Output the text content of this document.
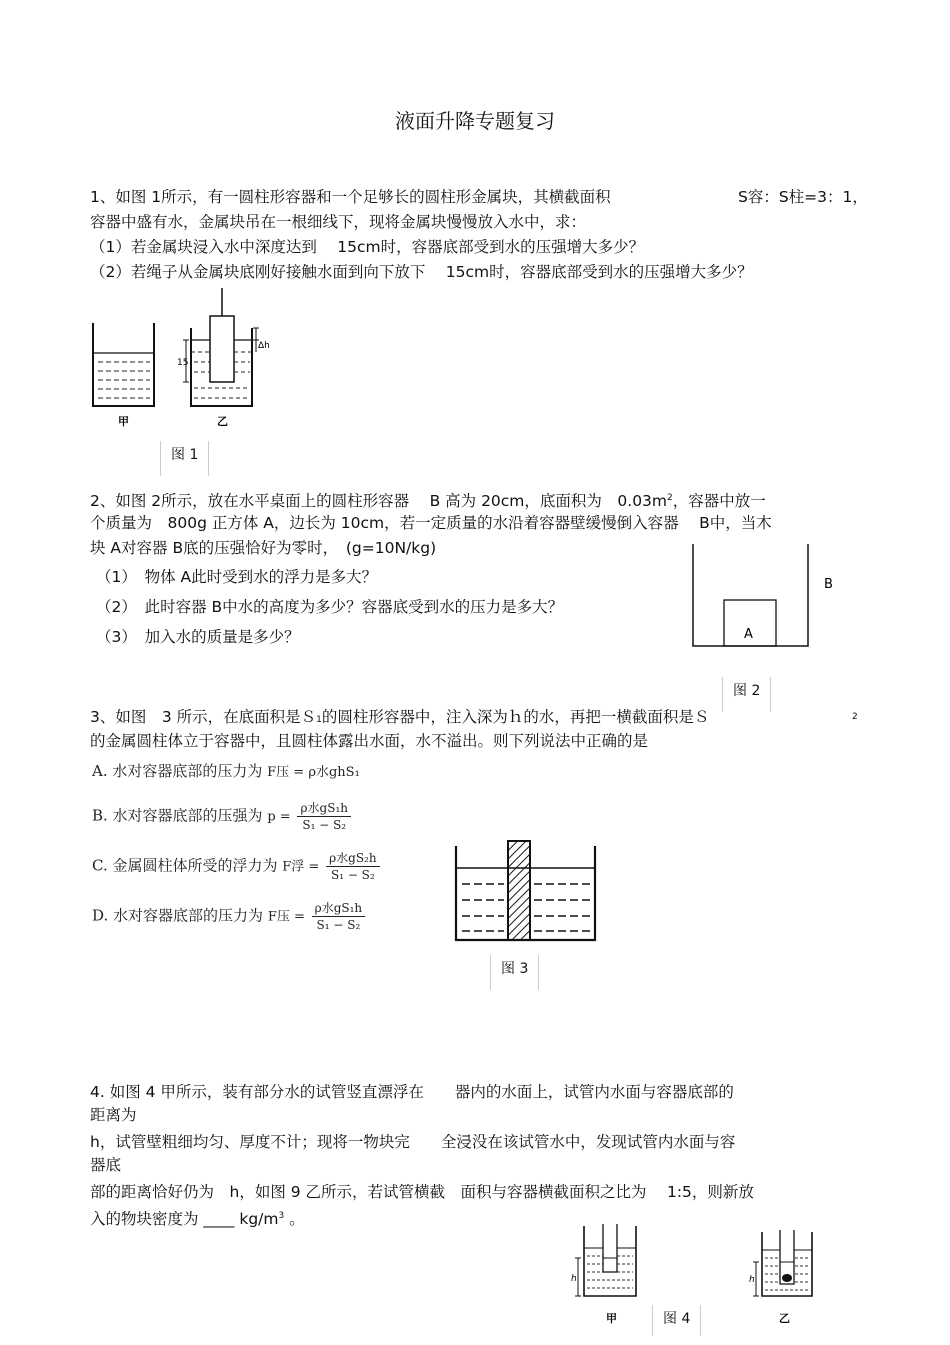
液面升降专题复习
1、如图 1所示，有一圆柱形容器和一个足够长的圆柱形金属块，其横截面积	S容：S柱=3：1，
容器中盛有水，金属块吊在一根细线下，现将金属块慢慢放入水中，求：
（1）若金属块浸入水中深度达到　 15cm时，容器底部受到水的压强增大多少？
（2）若绳子从金属块底刚好接触水面到向下放下　 15cm时，容器底部受到水的压强增大多少？
甲
15
Δh
乙
图 1
2、如图 2所示，放在水平桌面上的圆柱形容器　 B 高为 20cm，底面积为　$0.03m^2$，容器中放一
个质量为　800g 正方体 A，边长为 10cm，若一定质量的水沿着容器壁缓慢倒入容器　 B中，当木
块 A对容器 B底的压强恰好为零时，　(g=10N/kg)
（1）　物体 A此时受到水的浮力是多大？
（2）　此时容器 B中水的高度为多少？容器底受到水的压力是多大？
（3）　加入水的质量是多少？	A
B
图 2
3、如图　3 所示，在底面积是Ｓ1的圆柱形容器中，注入深为ｈ的水，再把一横截面积是Ｓ	2
的金属圆柱体立于容器中，且圆柱体露出水面，水不溢出。则下列说法中正确的是
A. 水对容器底部的压力为 F压 = ρ水ghS₁
B. 水对容器底部的压强为 $p = \frac{\text{ρ水gS₁h}}{\text{S₁ − S₂}}$
C. 金属圆柱体所受的浮力为 F浮 = $\frac{\text{ρ水gS₂h}}{\text{S₁ − S₂}}$
D. 水对容器底部的压力为 F压 = $\frac{\text{ρ水gS₁h}}{\text{S₁ − S₂}}$
图 3
4. 如图 4 甲所示，装有部分水的试管竖直漂浮在　　器内的水面上，试管内水面与容器底部的
距离为
h，试管壁粗细均匀、厚度不计；现将一物块完　　全浸没在该试管水中，发现试管内水面与容
器底
部的距离恰好仍为　h，如图 9 乙所示，若试管横截　面积与容器横截面积之比为　 1:5，则新放
入的物块密度为 ____ $kg/m^3$ 。
h
甲
h
乙
图 4
